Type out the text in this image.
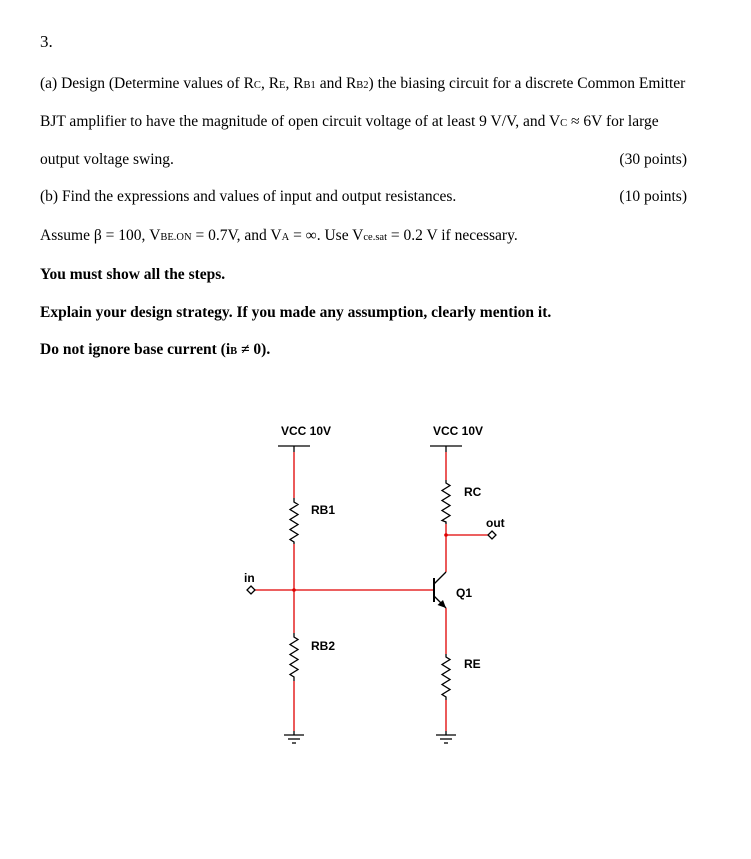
3.
(a) Design (Determine values of RC, RE, RB1 and RB2) the biasing circuit for a discrete Common Emitter
BJT amplifier to have the magnitude of open circuit voltage of at least 9 V/V, and VC ≈ 6V for large
output voltage swing.	(30 points)
(b) Find the expressions and values of input and output resistances.	(10 points)
Assume β = 100, VBE.ON = 0.7V, and VA = ∞. Use Vce.sat = 0.2 V if necessary.
You must show all the steps.
Explain your design strategy. If you made any assumption, clearly mention it.
Do not ignore base current (iB ≠ 0).
VCC 10V	VCC 10V
RB1
RB2
RC
RE
Q1
in
out
